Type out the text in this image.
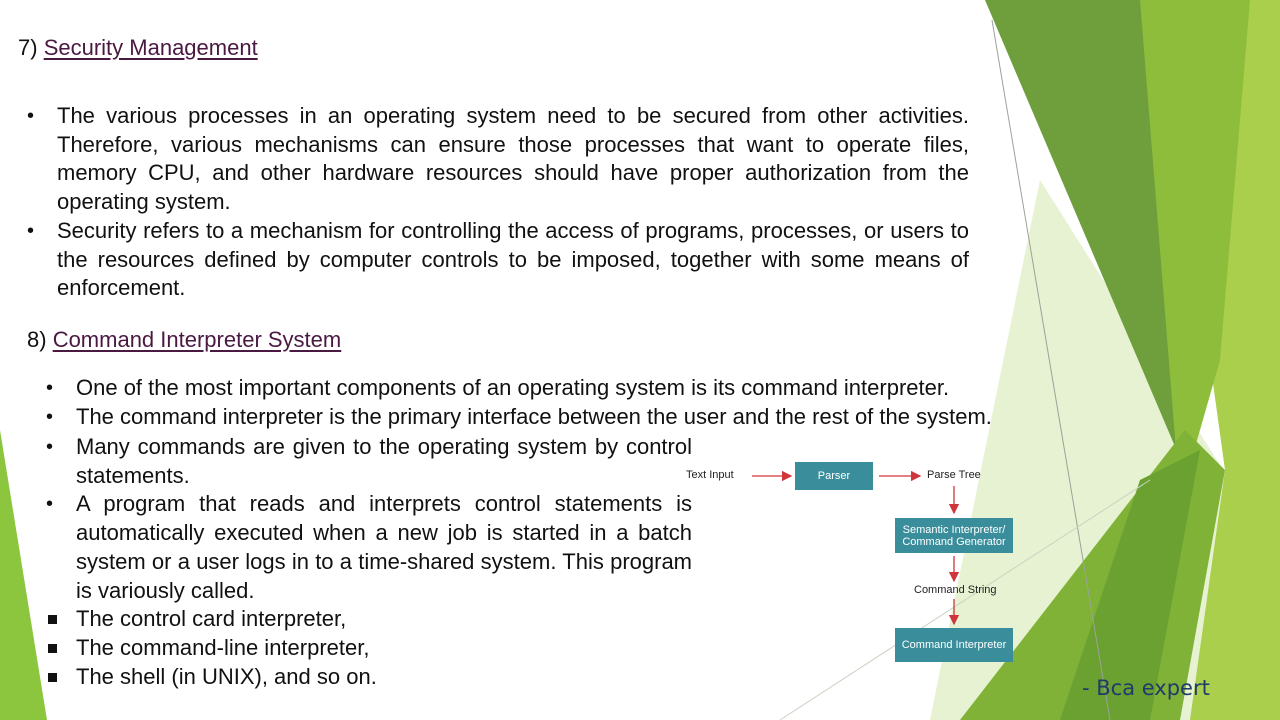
7) Security Management
• The various processes in an operating system need to be secured from other activities. Therefore, various mechanisms can ensure those processes that want to operate files, memory CPU, and other hardware resources should have proper authorization from the operating system.
• Security refers to a mechanism for controlling the access of programs, processes, or users to the resources defined by computer controls to be imposed, together with some means of enforcement.
8) Command Interpreter System
• One of the most important components of an operating system is its command interpreter.
• The command interpreter is the primary interface between the user and the rest of the system.
• Many commands are given to the operating system by control statements.
• A program that reads and interprets control statements is automatically executed when a new job is started in a batch system or a user logs in to a time-shared system. This program is variously called.
The control card interpreter,
The command-line interpreter,
The shell (in UNIX), and so on.
Text Input	Parser	Parse Tree
Semantic Interpreter/
Command Generator
Command String
Command Interpreter
- Bca expert
